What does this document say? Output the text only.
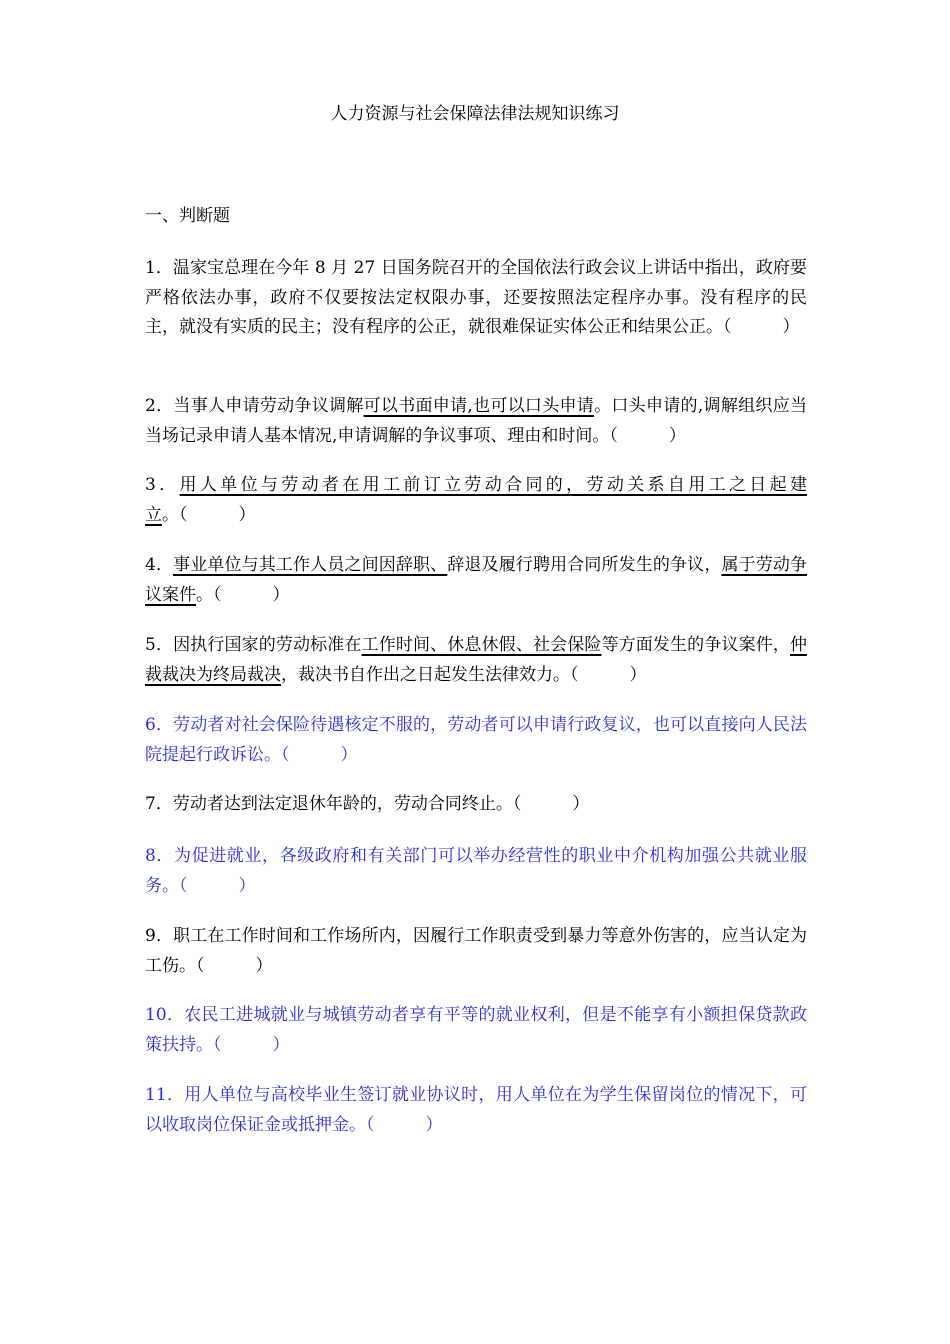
人力资源与社会保障法律法规知识练习
一、判断题
1．温家宝总理在今年 8 月 27 日国务院召开的全国依法行政会议上讲话中指出，政府要严格依法办事，政府不仅要按法定权限办事，还要按照法定程序办事。没有程序的民主，就没有实质的民主；没有程序的公正，就很难保证实体公正和结果公正。（　　　）
2．当事人申请劳动争议调解可以书面申请,也可以口头申请。口头申请的,调解组织应当当场记录申请人基本情况,申请调解的争议事项、理由和时间。（　　　）
3．用人单位与劳动者在用工前订立劳动合同的，劳动关系自用工之日起建立。（　　　）
4．事业单位与其工作人员之间因辞职、辞退及履行聘用合同所发生的争议，属于劳动争议案件。（　　　）
5．因执行国家的劳动标准在工作时间、休息休假、社会保险等方面发生的争议案件，仲裁裁决为终局裁决，裁决书自作出之日起发生法律效力。（　　　）
6．劳动者对社会保险待遇核定不服的，劳动者可以申请行政复议，也可以直接向人民法院提起行政诉讼。（　　　）
7．劳动者达到法定退休年龄的，劳动合同终止。（　　　）
8．为促进就业，各级政府和有关部门可以举办经营性的职业中介机构加强公共就业服务。（　　　）
9．职工在工作时间和工作场所内，因履行工作职责受到暴力等意外伤害的，应当认定为工伤。（　　　）
10．农民工进城就业与城镇劳动者享有平等的就业权利，但是不能享有小额担保贷款政策扶持。（　　　）
11．用人单位与高校毕业生签订就业协议时，用人单位在为学生保留岗位的情况下，可以收取岗位保证金或抵押金。（　　　）
